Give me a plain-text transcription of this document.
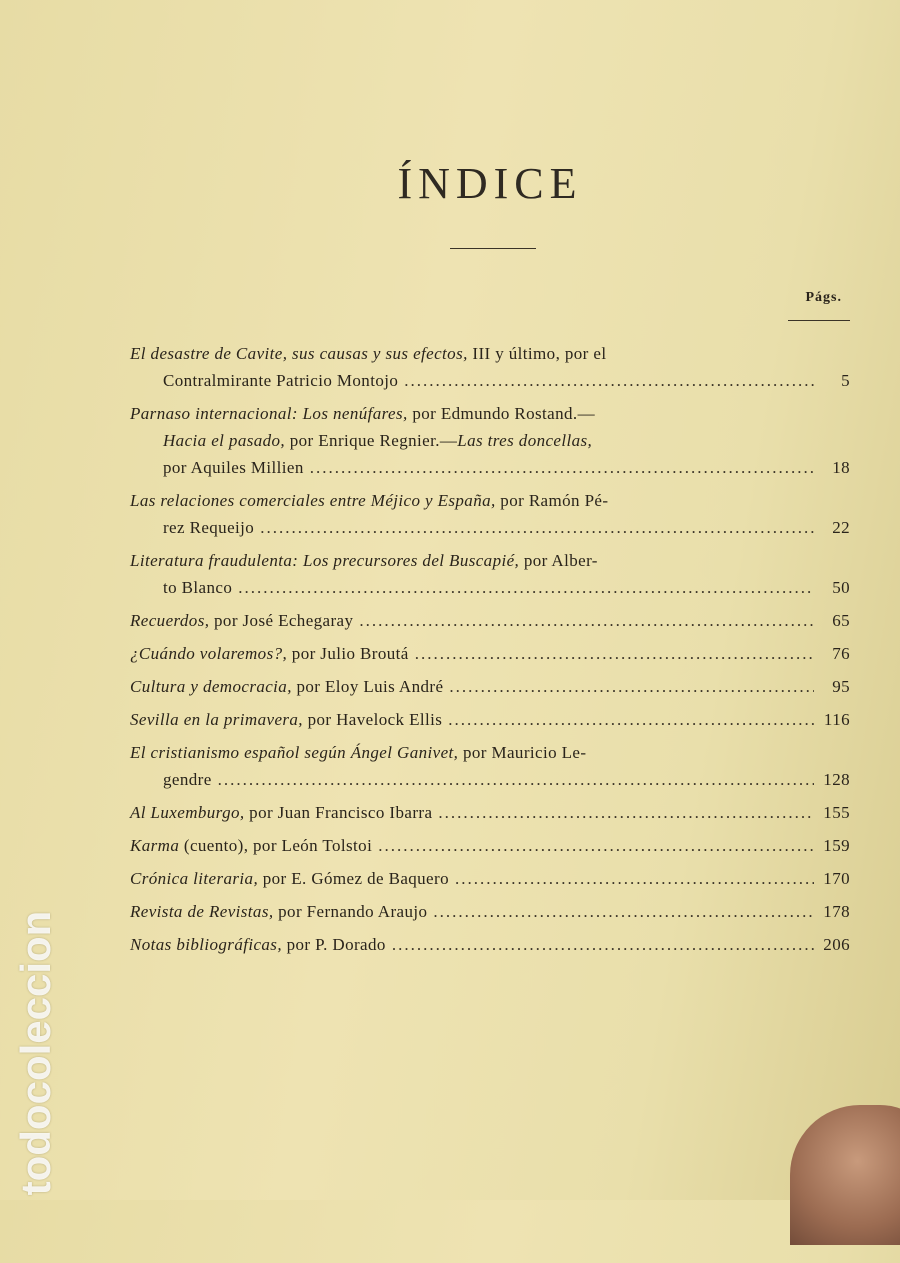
ÍNDICE
Págs.
El desastre de Cavite, sus causas y sus efectos, III y último, por el
Contralmirante Patricio Montojo .....	5
Parnaso internacional: Los nenúfares, por Edmundo Rostand.—
Hacia el pasado, por Enrique Regnier.—Las tres doncellas,
por Aquiles Millien .....	18
Las relaciones comerciales entre Méjico y España, por Ramón Pé-
rez Requeijo .....	22
Literatura fraudulenta: Los precursores del Buscapié, por Alber-
to Blanco .....	50
Recuerdos, por José Echegaray .....	65
¿Cuándo volaremos?, por Julio Broutá .....	76
Cultura y democracia, por Eloy Luis André .....	95
Sevilla en la primavera, por Havelock Ellis .....	116
El cristianismo español según Ángel Ganivet, por Mauricio Le-
gendre .....	128
Al Luxemburgo, por Juan Francisco Ibarra .....	155
Karma (cuento), por León Tolstoi .....	159
Crónica literaria, por E. Gómez de Baquero .....	170
Revista de Revistas, por Fernando Araujo .....	178
Notas bibliográficas, por P. Dorado .....	206
todocoleccion
